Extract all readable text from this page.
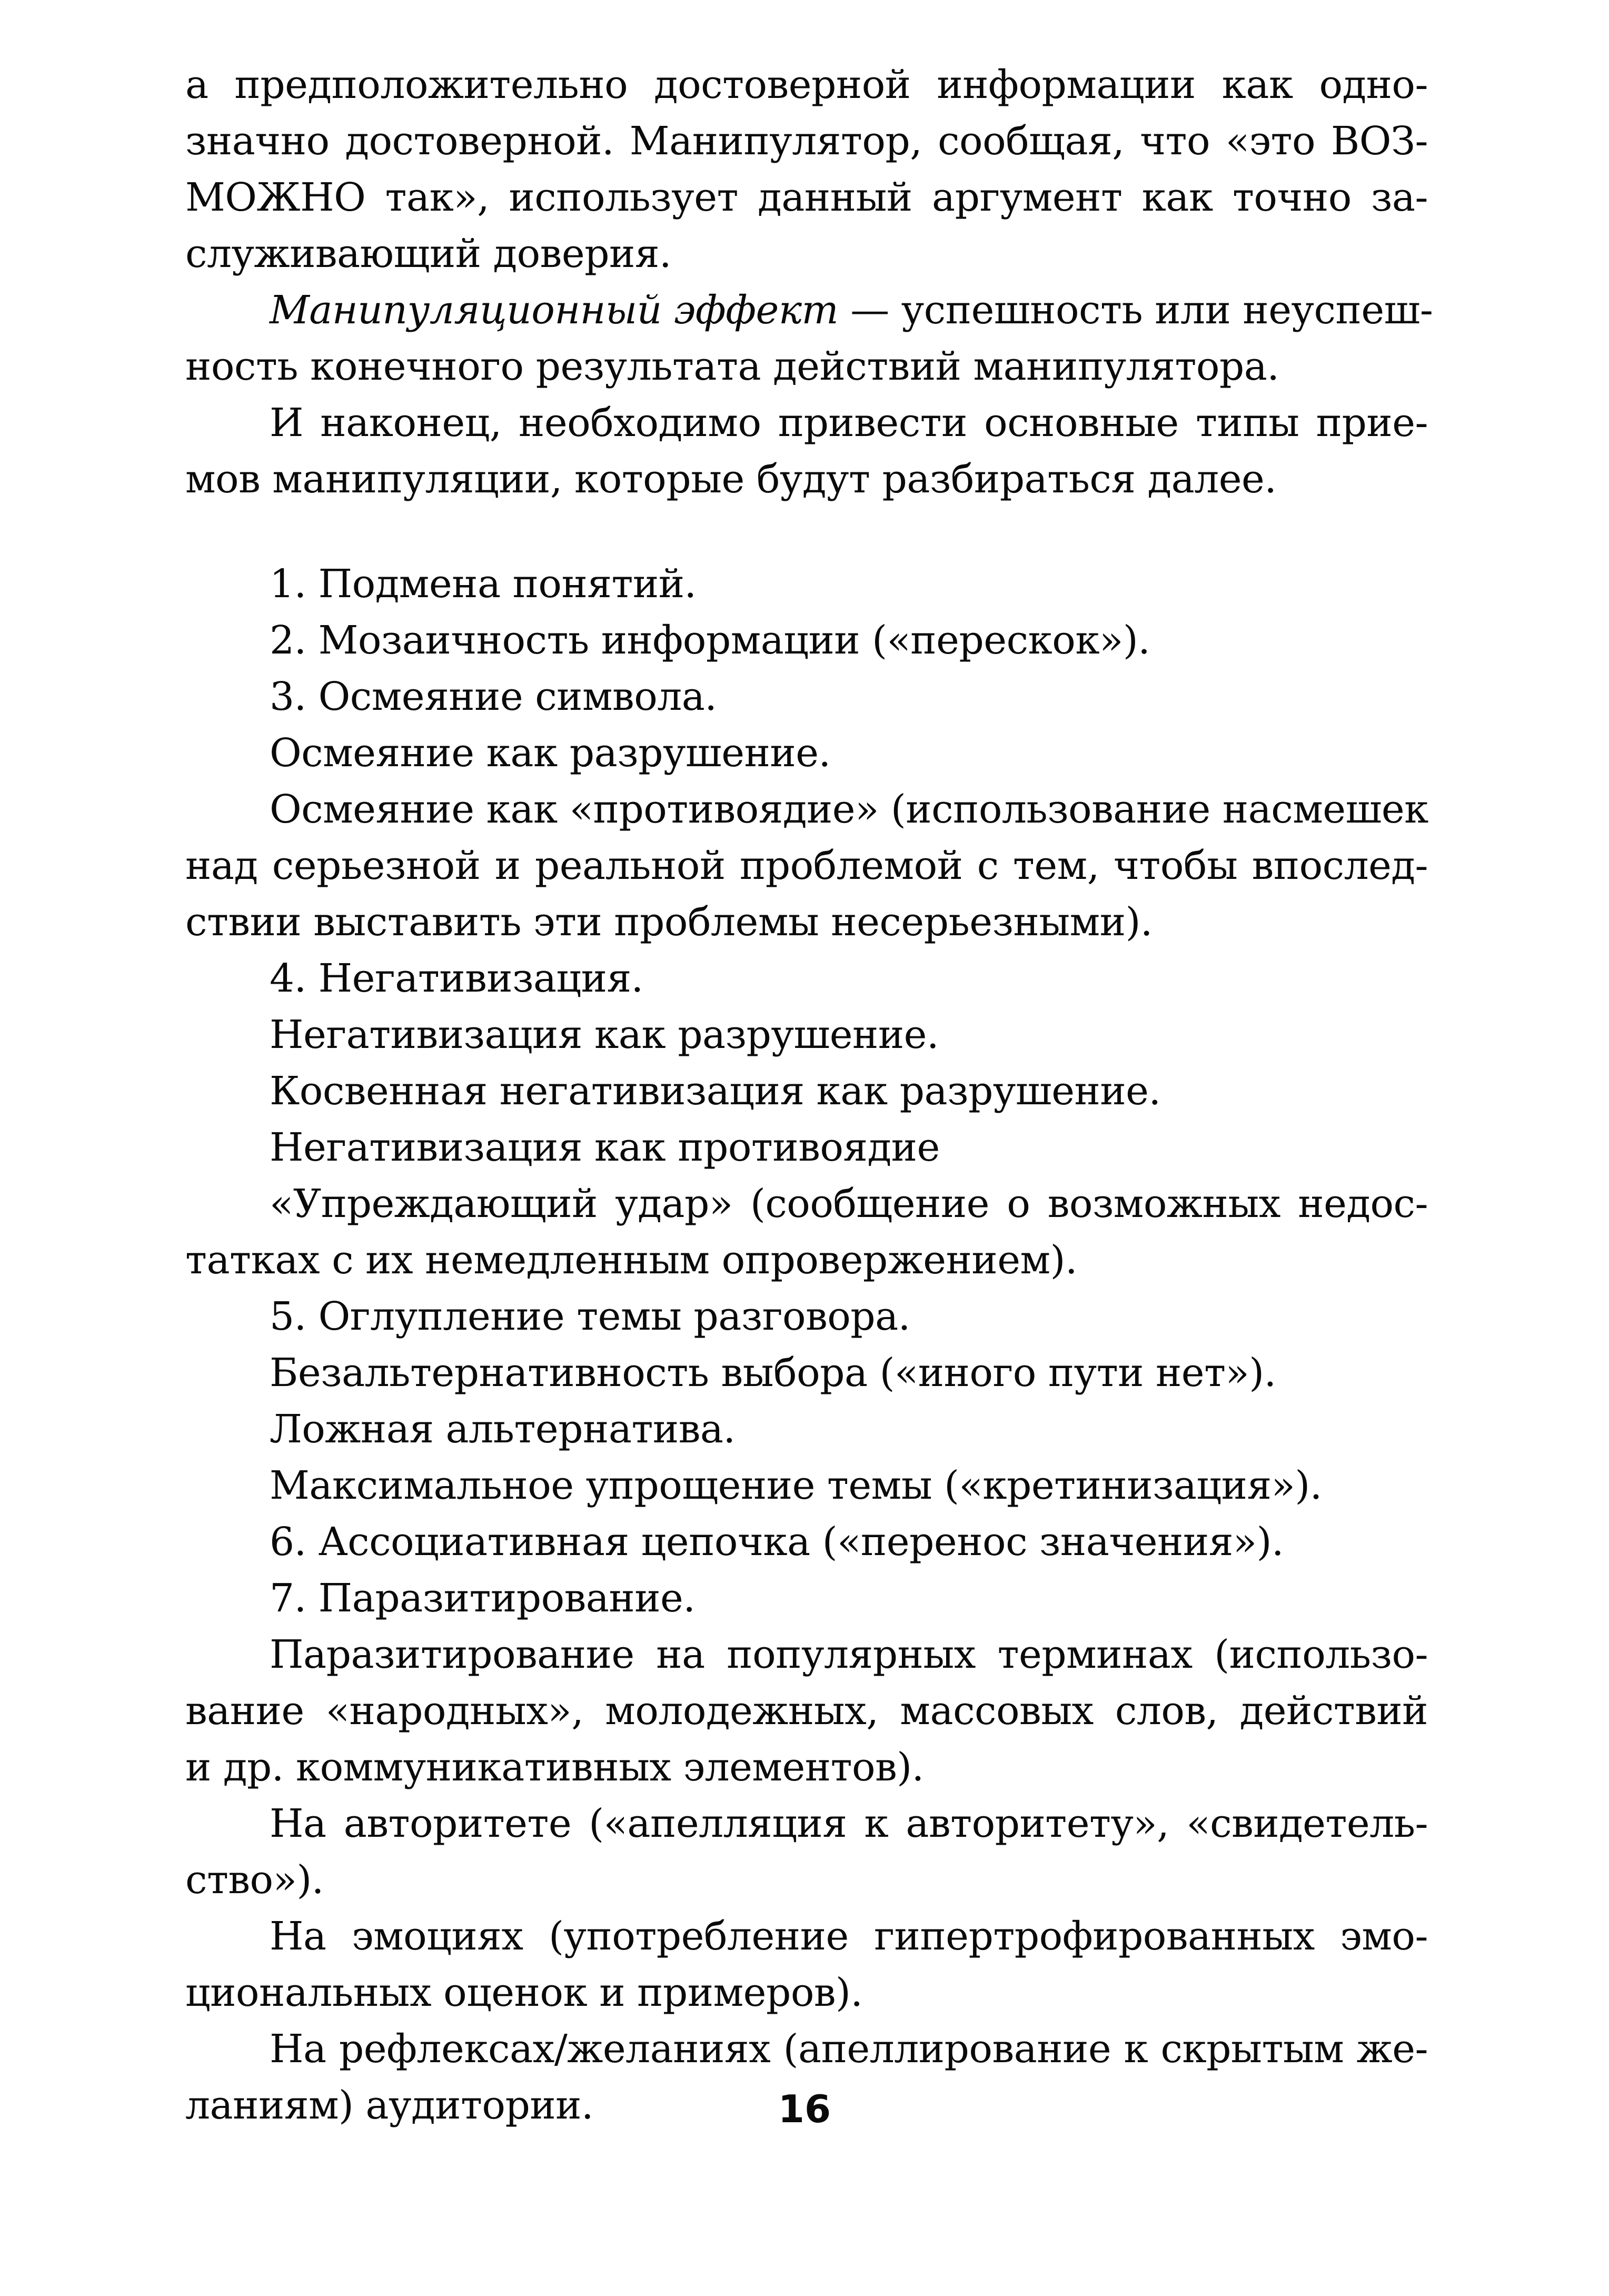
а предположительно достоверной информации как одно-
значно достоверной. Манипулятор, сообщая, что «это ВОЗ-
МОЖНО так», использует данный аргумент как точно за-
служивающий доверия.
Манипуляционный эффект — успешность или неуспеш-
ность конечного результата действий манипулятора.
И наконец, необходимо привести основные типы прие-
мов манипуляции, которые будут разбираться далее.
1. Подмена понятий.
2. Мозаичность информации («перескок»).
3. Осмеяние символа.
Осмеяние как разрушение.
Осмеяние как «противоядие» (использование насмешек
над серьезной и реальной проблемой с тем, чтобы впослед-
ствии выставить эти проблемы несерьезными).
4. Негативизация.
Негативизация как разрушение.
Косвенная негативизация как разрушение.
Негативизация как противоядие
«Упреждающий удар» (сообщение о возможных недос-
татках с их немедленным опровержением).
5. Оглупление темы разговора.
Безальтернативность выбора («иного пути нет»).
Ложная альтернатива.
Максимальное упрощение темы («кретинизация»).
6. Ассоциативная цепочка («перенос значения»).
7. Паразитирование.
Паразитирование на популярных терминах (использо-
вание «народных», молодежных, массовых слов, действий
и др. коммуникативных элементов).
На авторитете («апелляция к авторитету», «свидетель-
ство»).
На эмоциях (употребление гипертрофированных эмо-
циональных оценок и примеров).
На рефлексах/желаниях (апеллирование к скрытым же-
ланиям) аудитории.	16
